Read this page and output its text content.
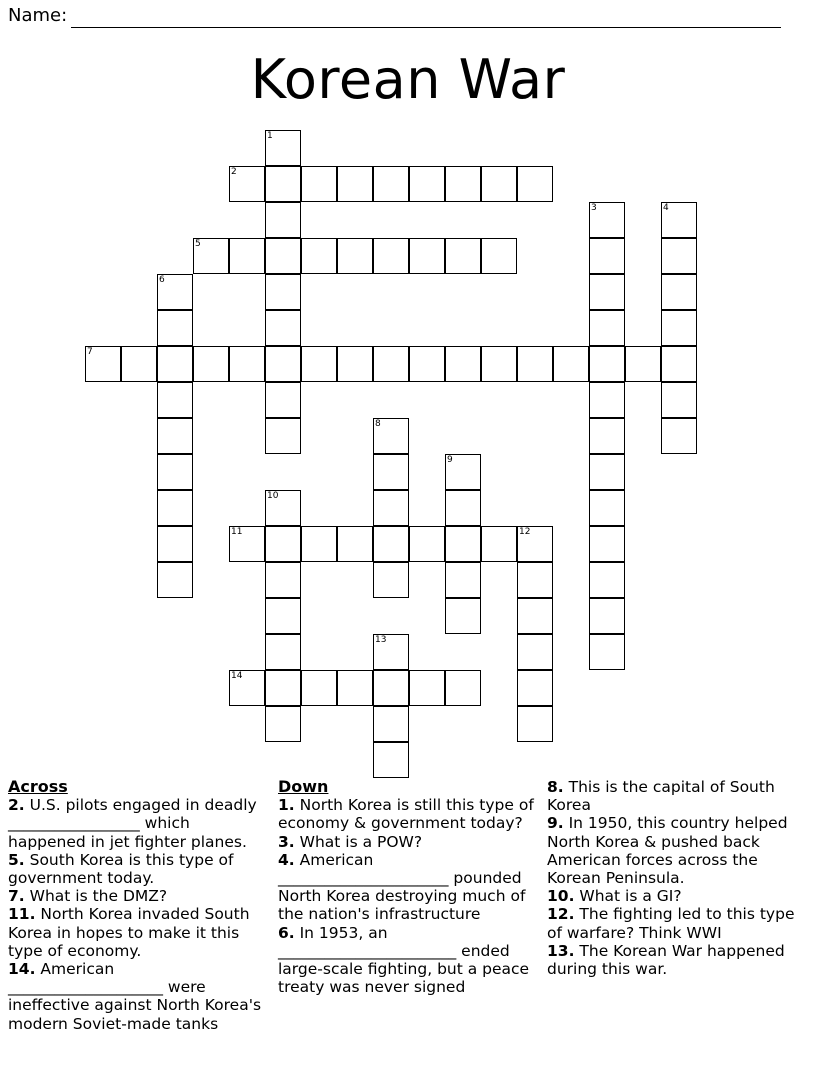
Name:
Korean War
1
2
3	4
5
6
7
8
9
10
11	12
13
14
Across
2. U.S. pilots engaged in deadly _________________ which happened in jet fighter planes.
5. South Korea is this type of government today.
7. What is the DMZ?
11. North Korea invaded South Korea in hopes to make it this type of economy.
14. American ____________________ were ineffective against North Korea's modern Soviet-made tanks
Down
1. North Korea is still this type of economy & government today?
3. What is a POW?
4. American ______________________ pounded North Korea destroying much of the nation's infrastructure
6. In 1953, an _______________________ ended large-scale fighting, but a peace treaty was never signed
8. This is the capital of South Korea
9. In 1950, this country helped North Korea & pushed back American forces across the Korean Peninsula.
10. What is a GI?
12. The fighting led to this type of warfare? Think WWI
13. The Korean War happened during this war.
